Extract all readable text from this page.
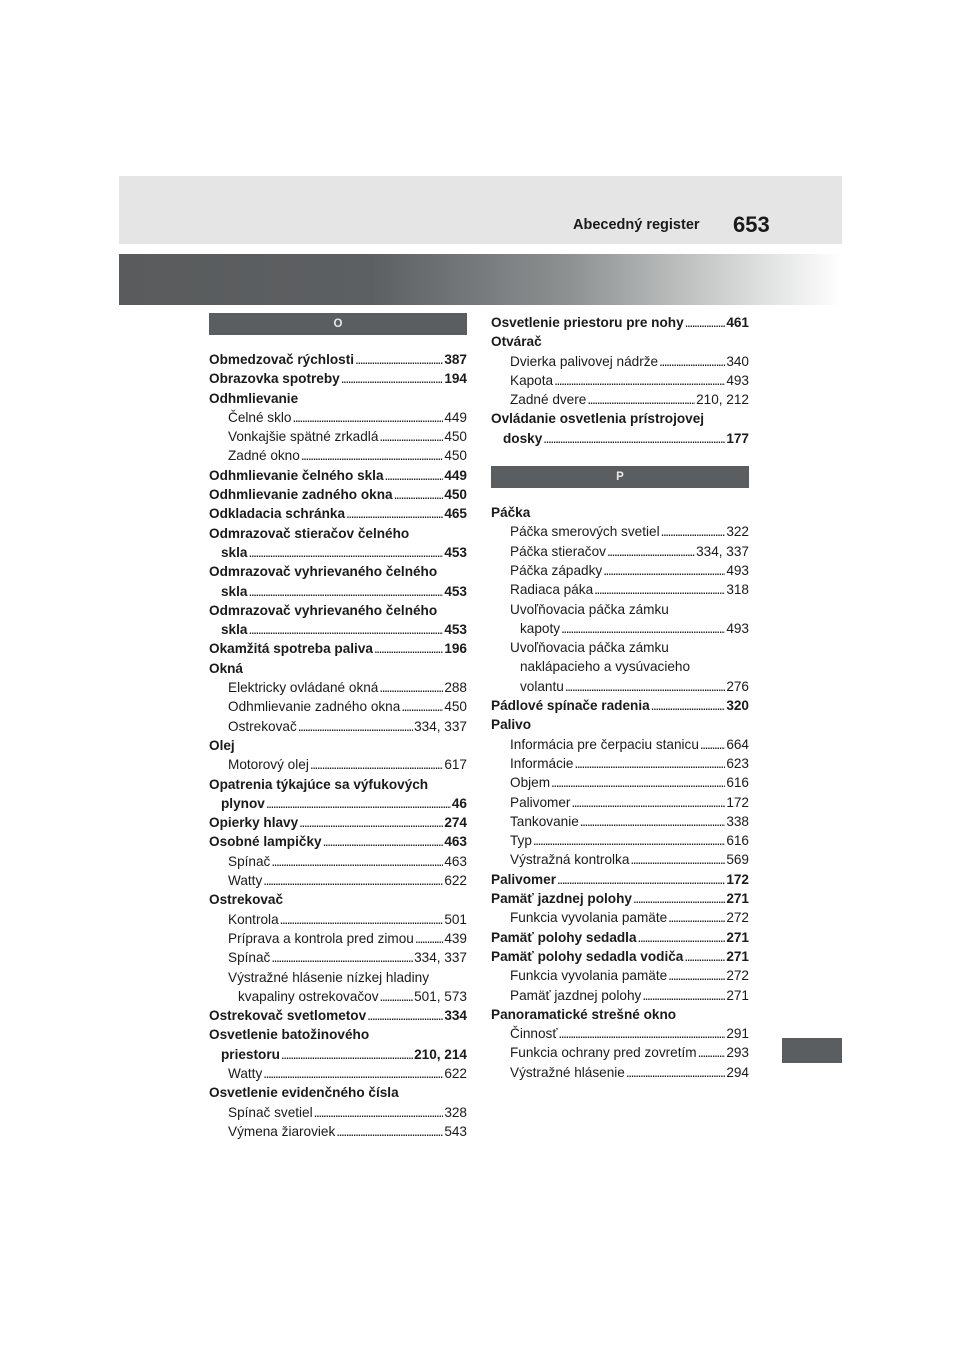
Abecedný register 653
O
Obmedzovač rýchlosti . . .	387
Obrazovka spotreby . . .	194
Odhmlievanie
Čelné sklo . . .	449
Vonkajšie spätné zrkadlá . . .	450
Zadné okno . . .	450
Odhmlievanie čelného skla . . .	449
Odhmlievanie zadného okna . . .	450
Odkladacia schránka . . .	465
Odmrazovač stieračov čelného
skla . . .	453
Odmrazovač vyhrievaného čelného
skla . . .	453
Odmrazovač vyhrievaného čelného
skla . . .	453
Okamžitá spotreba paliva . . .	196
Okná
Elektricky ovládané okná . . .	288
Odhmlievanie zadného okna . . .	450
Ostrekovač . . .	334, 337
Olej
Motorový olej . . .	617
Opatrenia týkajúce sa výfukových
plynov . . .	46
Opierky hlavy . . .	274
Osobné lampičky . . .	463
Spínač . . .	463
Watty . . .	622
Ostrekovač
Kontrola . . .	501
Príprava a kontrola pred zimou . . . 439
Spínač . . .	334, 337
Výstražné hlásenie nízkej hladiny
kvapaliny ostrekovačov . . .	501, 573
Ostrekovač svetlometov . . .	334
Osvetlenie batožinového
priestoru . . .	210, 214
Watty . . .	622
Osvetlenie evidenčného čísla
Spínač svetiel . . .	328
Výmena žiaroviek . . .	543
Osvetlenie priestoru pre nohy . . .	461
Otvárač
Dvierka palivovej nádrže . . .	340
Kapota . . .	493
Zadné dvere . . .	210, 212
Ovládanie osvetlenia prístrojovej
dosky . . .	177
P
Páčka
Páčka smerových svetiel . . .	322
Páčka stieračov . . .	334, 337
Páčka západky . . .	493
Radiaca páka . . .	318
Uvoľňovacia páčka zámku
kapoty . . .	493
Uvoľňovacia páčka zámku
naklápacieho a vysúvacieho
volantu . . .	276
Pádlové spínače radenia . . .	320
Palivo
Informácia pre čerpaciu stanicu . . . 664
Informácie . . .	623
Objem . . .	616
Palivomer . . .	172
Tankovanie . . .	338
Typ . . .	616
Výstražná kontrolka . . .	569
Palivomer . . .	172
Pamäť jazdnej polohy . . .	271
Funkcia vyvolania pamäte . . .	272
Pamäť polohy sedadla . . .	271
Pamäť polohy sedadla vodiča . . .	271
Funkcia vyvolania pamäte . . .	272
Pamäť jazdnej polohy . . .	271
Panoramatické strešné okno
Činnosť . . .	291
Funkcia ochrany pred zovretím . . . 293
Výstražné hlásenie . . .	294
